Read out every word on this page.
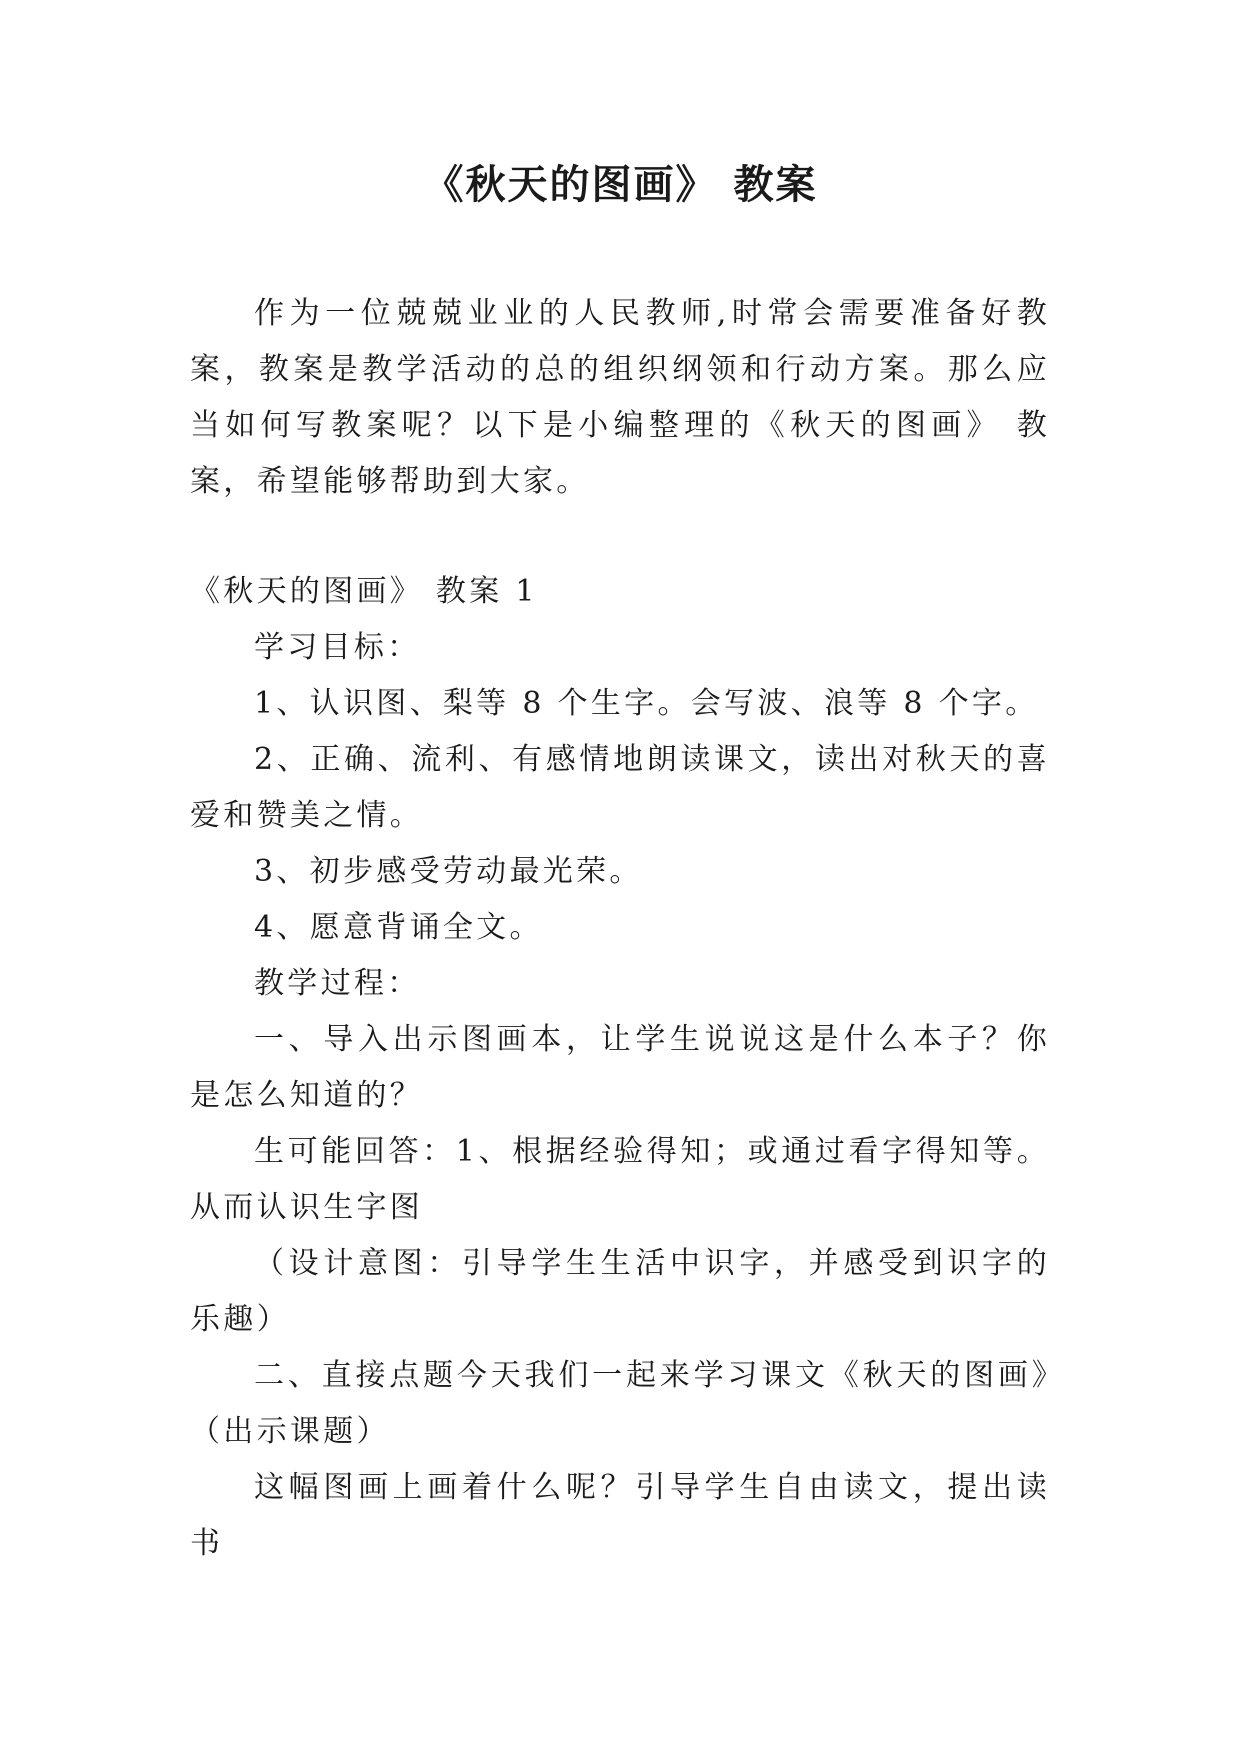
《秋天的图画》 教案

作为一位兢兢业业的人民教师,时常会需要准备好教案，教案是教学活动的总的组织纲领和行动方案。那么应当如何写教案呢？以下是小编整理的《秋天的图画》 教案，希望能够帮助到大家。

《秋天的图画》 教案 1

学习目标：

1、认识图、梨等 8 个生字。会写波、浪等 8 个字。

2、正确、流利、有感情地朗读课文，读出对秋天的喜爱和赞美之情。

3、初步感受劳动最光荣。

4、愿意背诵全文。

教学过程：

一、导入出示图画本，让学生说说这是什么本子？你是怎么知道的？

生可能回答：1、根据经验得知；或通过看字得知等。从而认识生字图

（设计意图：引导学生生活中识字，并感受到识字的乐趣）

二、直接点题今天我们一起来学习课文《秋天的图画》（出示课题）

这幅图画上画着什么呢？引导学生自由读文，提出读书
